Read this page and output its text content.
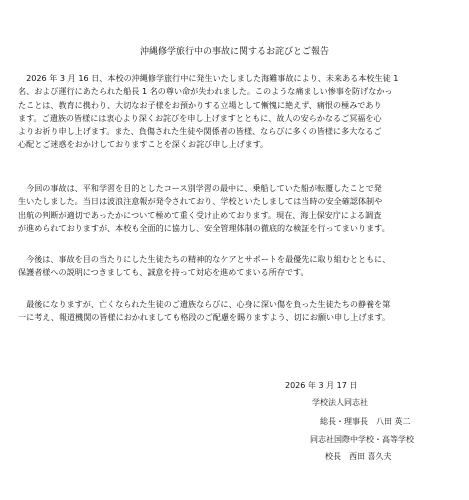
沖縄修学旅行中の事故に関するお詫びとご報告
　2026 年 3 月 16 日、本校の沖縄修学旅行中に発生いたしました海難事故により、未来ある本校生徒 1
名、および運行にあたられた船長 1 名の尊い命が失われました。このような痛ましい惨事を防げなかっ
たことは、教育に携わり、大切なお子様をお預かりする立場として慚愧に絶えず、痛恨の極みであり
ます。ご遺族の皆様には衷心より深くお詫びを申し上げますとともに、故人の安らかなるご冥福を心
よりお祈り申し上げます。また、負傷された生徒や関係者の皆様、ならびに多くの皆様に多大なるご
心配とご迷惑をおかけしておりますことを深くお詫び申し上げます。
　今回の事故は、平和学習を目的としたコース別学習の最中に、乗船していた船が転覆したことで発
生いたしました。当日は波浪注意報が発令されており、学校といたしましては当時の安全確認体制や
出航の判断が適切であったかについて極めて重く受け止めております。現在、海上保安庁による調査
が進められておりますが、本校も全面的に協力し、安全管理体制の徹底的な検証を行ってまいります。
　今後は、事故を目の当たりにした生徒たちの精神的なケアとサポートを最優先に取り組むとともに、
保護者様への説明につきましても、誠意を持って対応を進めてまいる所存です。
　最後になりますが、亡くなられた生徒のご遺族ならびに、心身に深い傷を負った生徒たちの静養を第
一に考え、報道機関の皆様におかれましても格段のご配慮を賜りますよう、切にお願い申し上げます。
2026 年 3 月 17 日
学校法人同志社
総長・理事長　八田 英二
同志社国際中学校・高等学校
校長　西田 喜久夫
